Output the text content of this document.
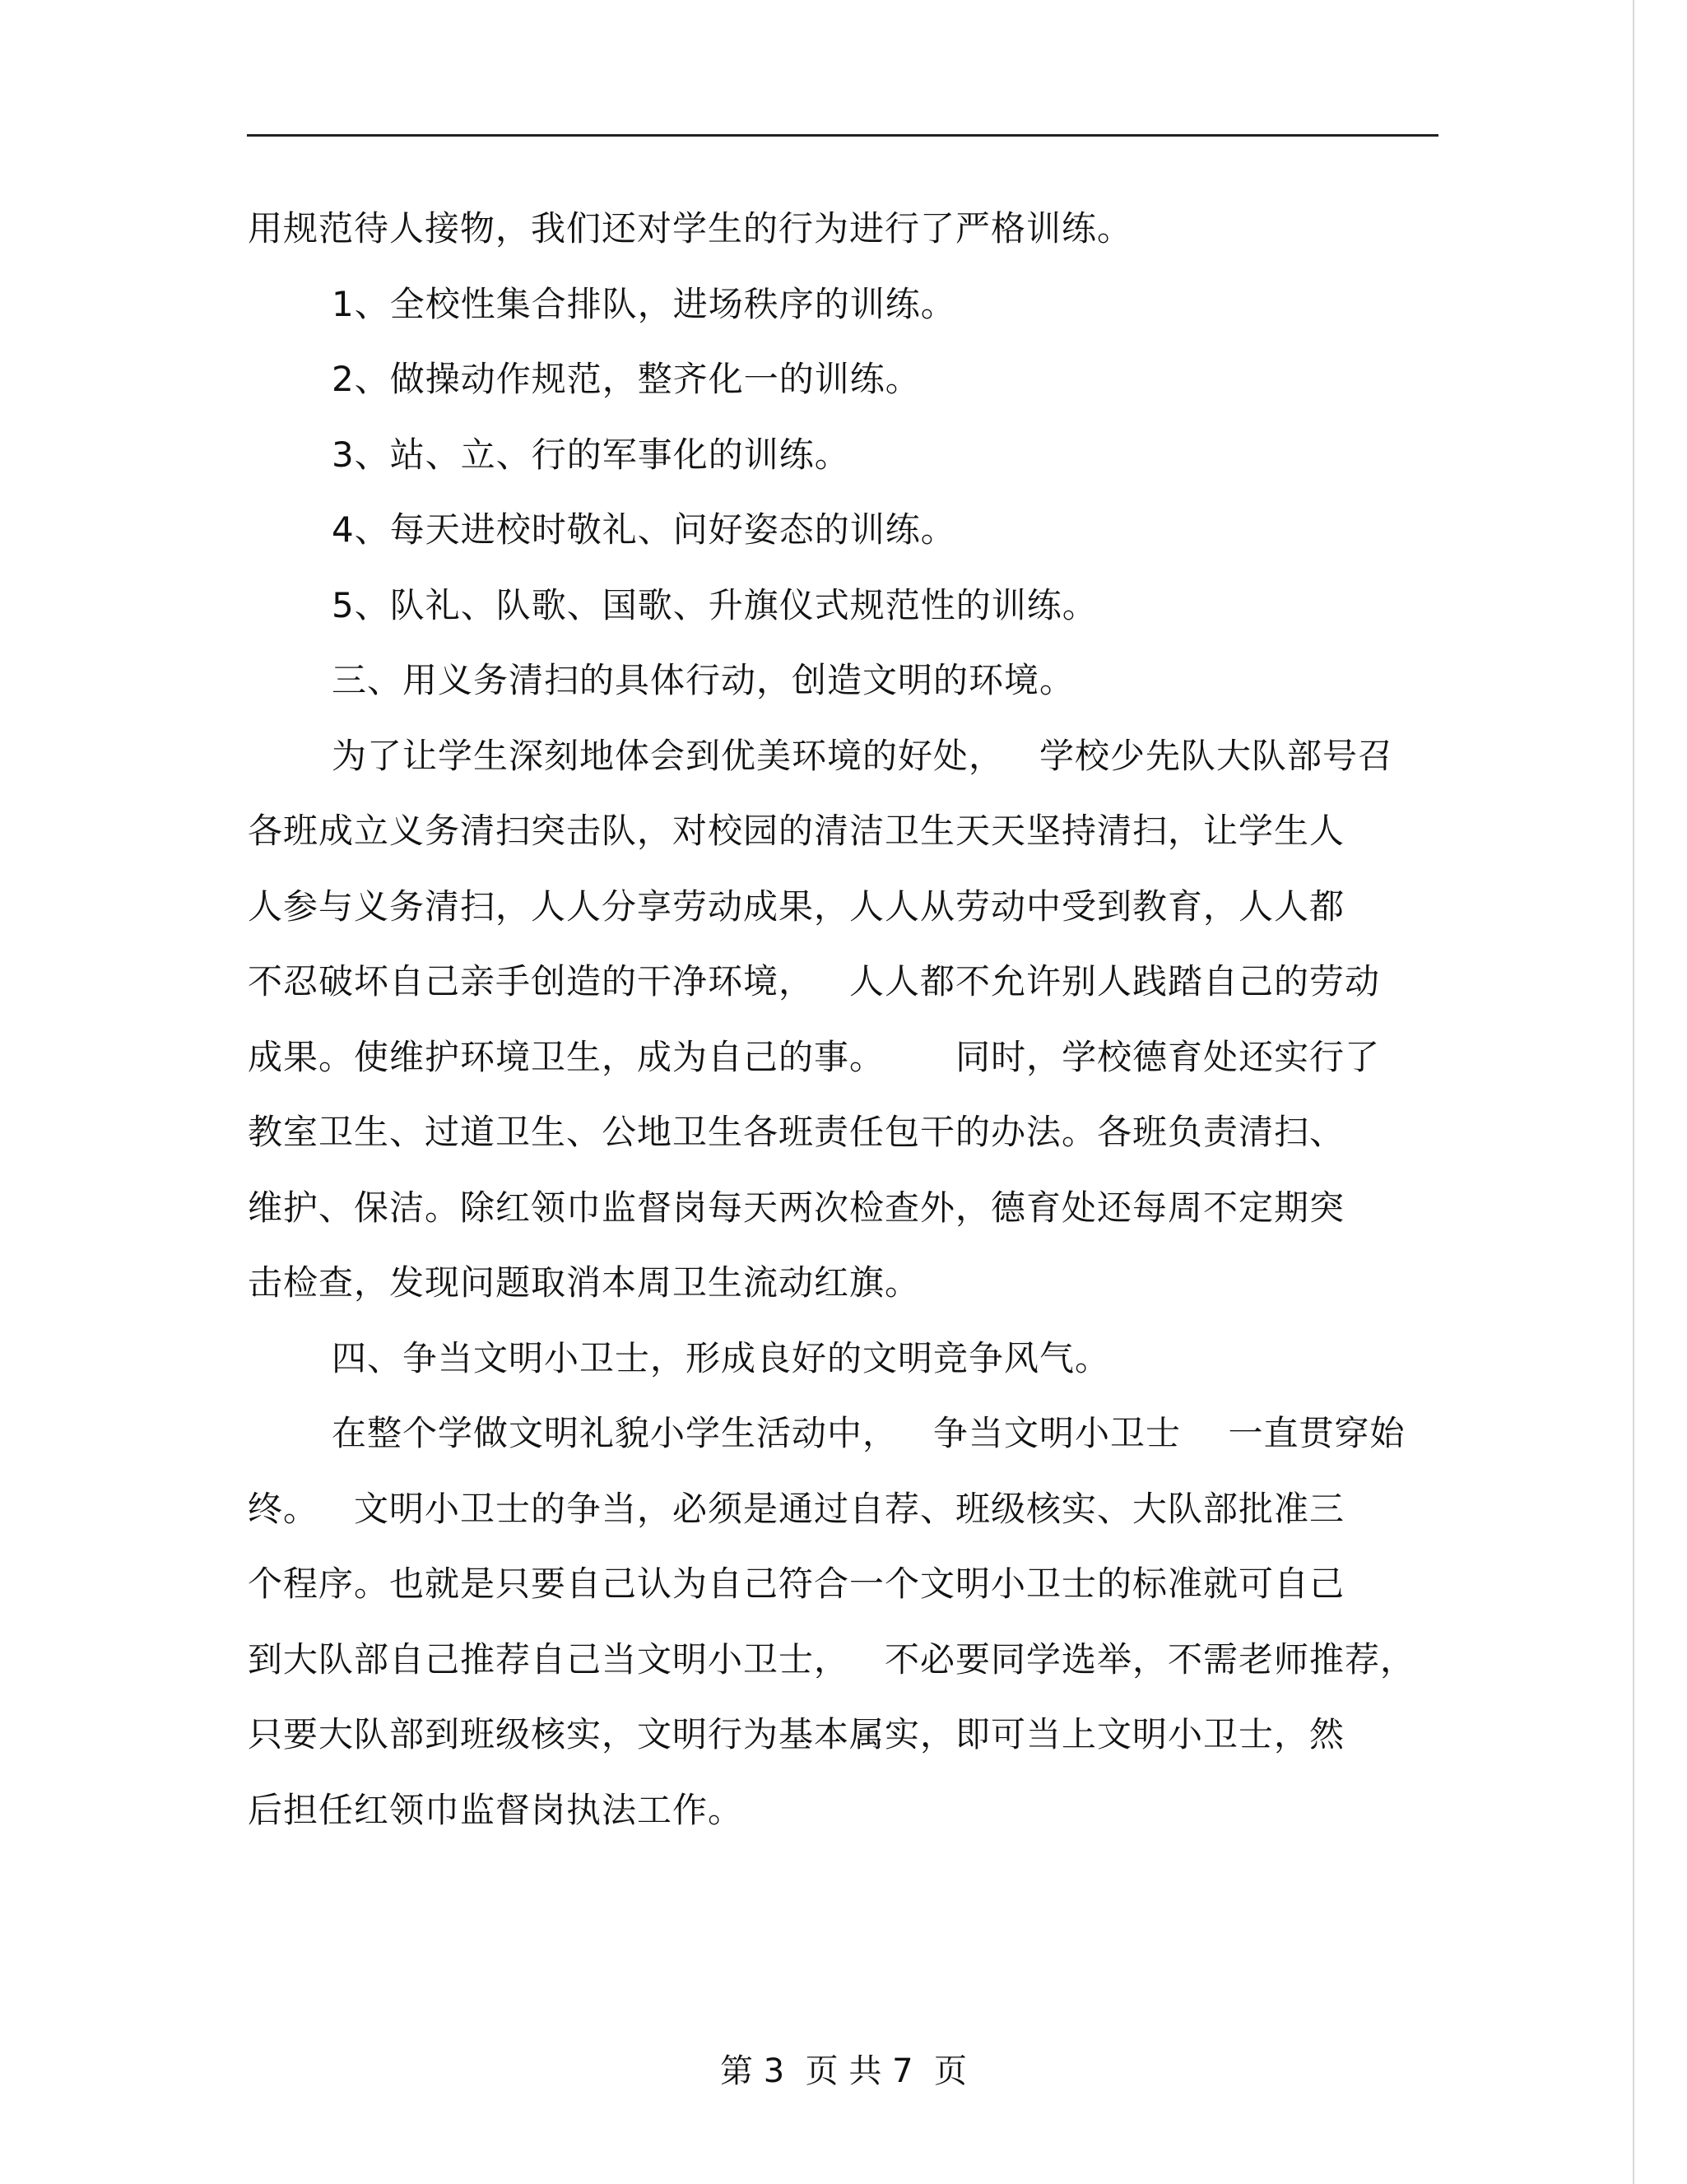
用规范待人接物，我们还对学生的行为进行了严格训练。
1、全校性集合排队，进场秩序的训练。
2、做操动作规范，整齐化一的训练。
3、站、立、行的军事化的训练。
4、每天进校时敬礼、问好姿态的训练。
5、队礼、队歌、国歌、升旗仪式规范性的训练。
三、用义务清扫的具体行动，创造文明的环境。
为了让学生深刻地体会到优美环境的好处，   学校少先队大队部号召
各班成立义务清扫突击队，对校园的清洁卫生天天坚持清扫，让学生人
人参与义务清扫，人人分享劳动成果，人人从劳动中受到教育，人人都
不忍破坏自己亲手创造的干净环境，   人人都不允许别人践踏自己的劳动
成果。使维护环境卫生，成为自己的事。      同时，学校德育处还实行了
教室卫生、过道卫生、公地卫生各班责任包干的办法。各班负责清扫、
维护、保洁。除红领巾监督岗每天两次检查外，德育处还每周不定期突
击检查，发现问题取消本周卫生流动红旗。
四、争当文明小卫士，形成良好的文明竞争风气。
在整个学做文明礼貌小学生活动中，   争当文明小卫士    一直贯穿始
终。   文明小卫士的争当，必须是通过自荐、班级核实、大队部批准三
个程序。也就是只要自己认为自己符合一个文明小卫士的标准就可自己
到大队部自己推荐自己当文明小卫士，   不必要同学选举，不需老师推荐，
只要大队部到班级核实，文明行为基本属实，即可当上文明小卫士，然
后担任红领巾监督岗执法工作。
第 3  页 共 7  页
